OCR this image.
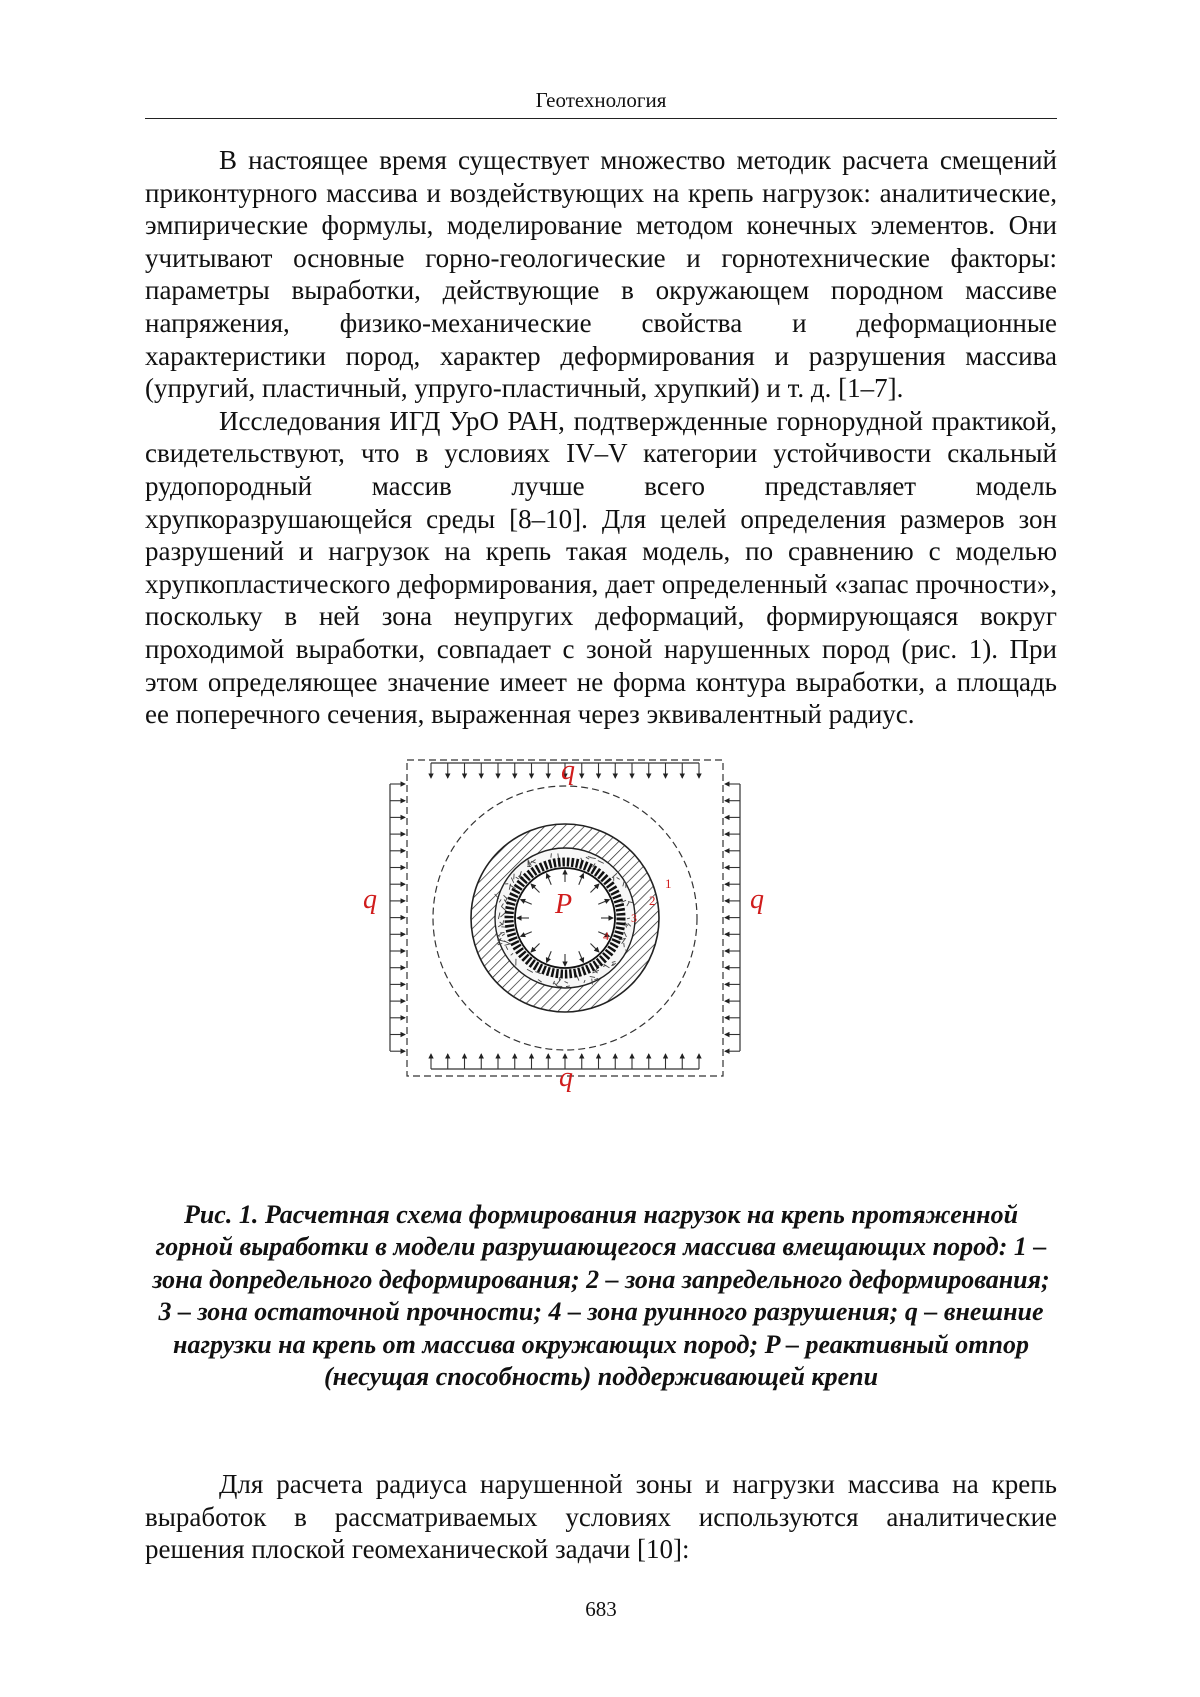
Геотехнология

В настоящее время существует множество методик расчета смещений приконтурного массива и воздействующих на крепь нагрузок: аналитические, эмпирические формулы, моделирование методом конечных элементов. Они учитывают основные горно-геологические и горнотехнические факторы: параметры выработки, действующие в окружающем породном массиве напряжения, физико-механические свойства и деформационные характеристики пород, характер деформирования и разрушения массива (упругий, пластичный, упруго-пластичный, хрупкий) и т. д. [1–7].

Исследования ИГД УрО РАН, подтвержденные горнорудной практикой, свидетельствуют, что в условиях IV–V категории устойчивости скальный рудопородный массив лучше всего представляет модель хрупкоразрушающейся среды [8–10]. Для целей определения размеров зон разрушений и нагрузок на крепь такая модель, по сравнению с моделью хрупкопластического деформирования, дает определенный «запас прочности», поскольку в ней зона неупругих деформаций, формирующаяся вокруг проходимой выработки, совпадает с зоной нарушенных пород (рис. 1). При этом определяющее значение имеет не форма контура выработки, а площадь ее поперечного сечения, выраженная через эквивалентный радиус.

q
q
q	q
P
1
2
3
4
Рис. 1. Расчетная схема формирования нагрузок на крепь протяженной горной выработки в модели разрушающегося массива вмещающих пород: 1 – зона допредельного деформирования; 2 – зона запредельного деформирования; 3 – зона остаточной прочности; 4 – зона руинного разрушения; q – внешние нагрузки на крепь от массива окружающих пород; P – реактивный отпор (несущая способность) поддерживающей крепи

Для расчета радиуса нарушенной зоны и нагрузки массива на крепь выработок в рассматриваемых условиях используются аналитические решения плоской геомеханической задачи [10]:

683
